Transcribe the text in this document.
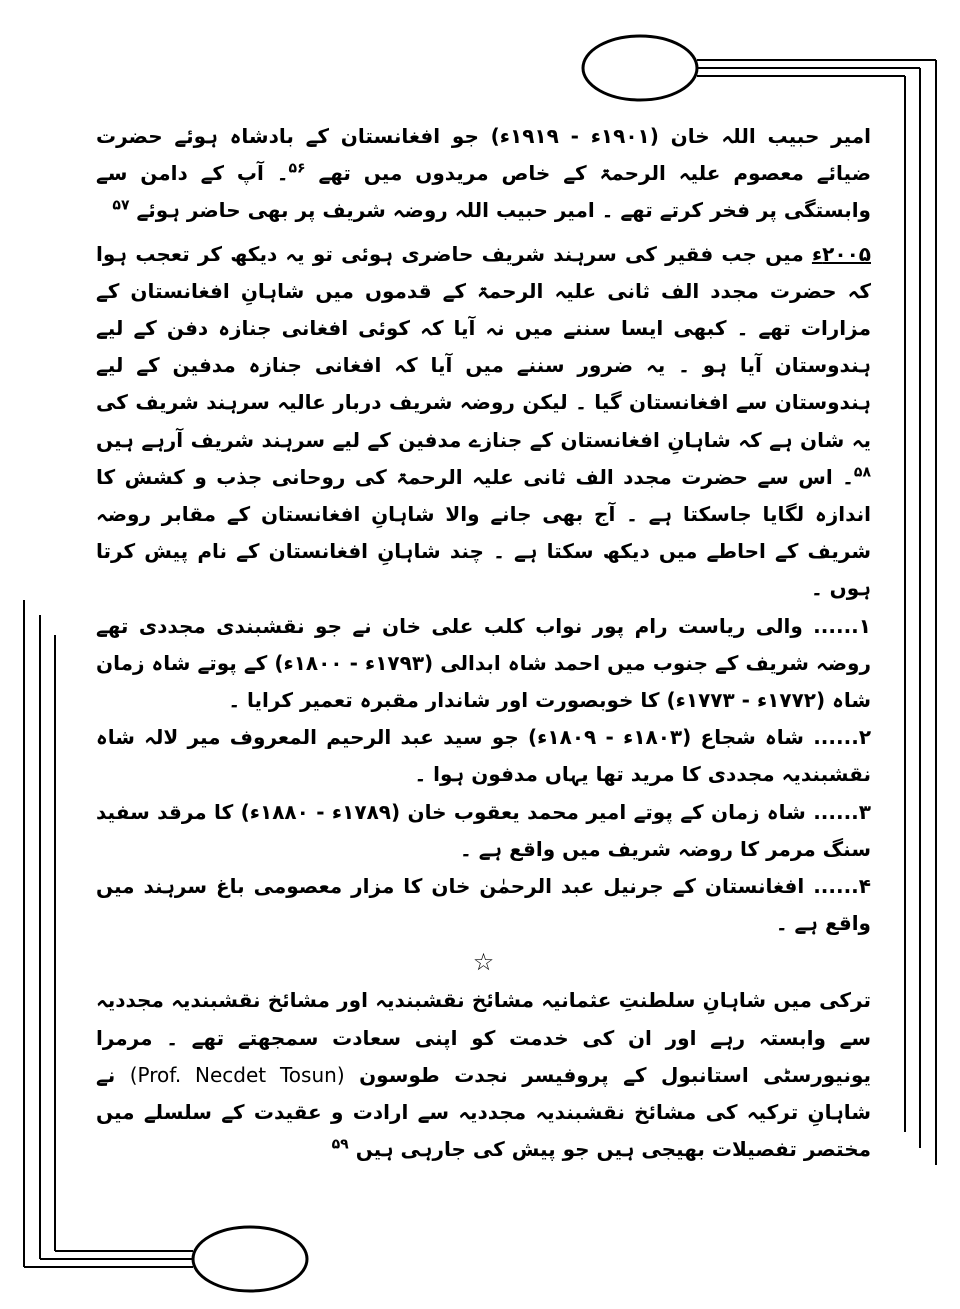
امیر حبیب اللہ خان (۱۹۰۱ء - ۱۹۱۹ء) جو افغانستان کے بادشاہ ہوئے حضرت ضیائے معصوم علیہ الرحمۃ کے خاص مریدوں میں تھے $^{۵۶}$۔ آپ کے دامن سے وابستگی پر فخر کرتے تھے ۔ امیر حبیب اللہ روضہ شریف پر بھی حاضر ہوئے $^{۵۷}$

۲۰۰۵ء میں جب فقیر کی سرہند شریف حاضری ہوئی تو یہ دیکھ کر تعجب ہوا کہ حضرت مجدد الف ثانی علیہ الرحمۃ کے قدموں میں شاہانِ افغانستان کے مزارات تھے ۔ کبھی ایسا سننے میں نہ آیا کہ کوئی افغانی جنازہ دفن کے لیے ہندوستان آیا ہو ۔ یہ ضرور سننے میں آیا کہ افغانی جنازہ مدفین کے لیے ہندوستان سے افغانستان گیا ۔ لیکن روضہ شریف دربار عالیہ سرہند شریف کی یہ شان ہے کہ شاہانِ افغانستان کے جنازے مدفین کے لیے سرہند شریف آرہے ہیں $^{۵۸}$۔ اس سے حضرت مجدد الف ثانی علیہ الرحمۃ کی روحانی جذب و کشش کا اندازہ لگایا جاسکتا ہے ۔ آج بھی جانے والا شاہانِ افغانستان کے مقابر روضہ شریف کے احاطے میں دیکھ سکتا ہے ۔ چند شاہانِ افغانستان کے نام پیش کرتا ہوں ۔

۱...... والی ریاست رام پور نواب کلب علی خان نے جو نقشبندی مجددی تھے روضہ شریف کے جنوب میں احمد شاہ ابدالی (۱۷۹۳ء - ۱۸۰۰ء) کے پوتے شاہ زمان شاہ (۱۷۷۲ء - ۱۷۷۳ء) کا خوبصورت اور شاندار مقبرہ تعمیر کرایا ۔

۲...... شاہ شجاع (۱۸۰۳ء - ۱۸۰۹ء) جو سید عبد الرحیم المعروف میر لالہ شاہ نقشبندیہ مجددی کا مرید تھا یہاں مدفون ہوا ۔

۳...... شاہ زمان کے پوتے امیر محمد یعقوب خان (۱۷۸۹ء - ۱۸۸۰ء) کا مرقد سفید سنگ مرمر کا روضہ شریف میں واقع ہے ۔

۴...... افغانستان کے جرنیل عبد الرحمٰن خان کا مزار معصومی باغ سرہند میں واقع ہے ۔

☆

ترکی میں شاہانِ سلطنتِ عثمانیہ مشائخ نقشبندیہ اور مشائخ نقشبندیہ مجددیہ سے وابستہ رہے اور ان کی خدمت کو اپنی سعادت سمجھتے تھے ۔ مرمرا یونیورسٹی استانبول کے پروفیسر نجدت طوسون (Prof. Necdet Tosun) نے شاہانِ ترکیہ کی مشائخ نقشبندیہ مجددیہ سے ارادت و عقیدت کے سلسلے میں مختصر تفصیلات بھیجی ہیں جو پیش کی جارہی ہیں $^{۵۹}$
